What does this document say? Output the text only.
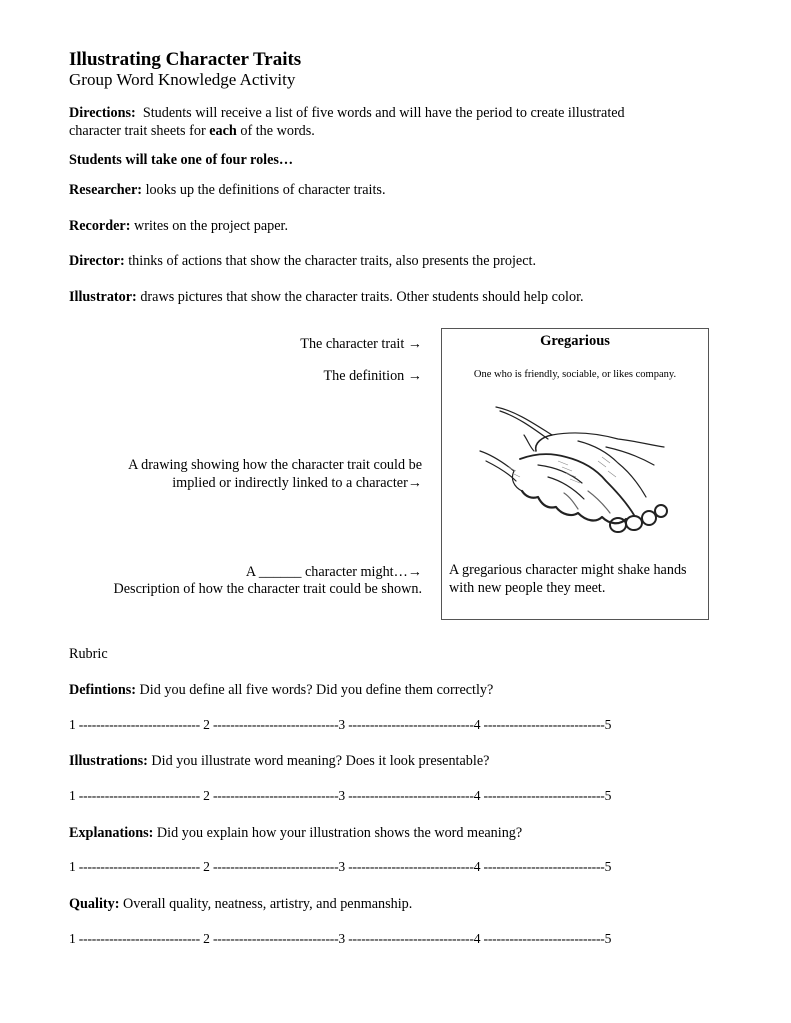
Illustrating Character Traits
Group Word Knowledge Activity
Directions: Students will receive a list of five words and will have the period to create illustrated
character trait sheets for each of the words.
Students will take one of four roles…
Researcher: looks up the definitions of character traits.
Recorder: writes on the project paper.
Director: thinks of actions that show the character traits, also presents the project.
Illustrator: draws pictures that show the character traits. Other students should help color.
The character trait →
The definition →
A drawing showing how the character trait could be
implied or indirectly linked to a character→
A ______ character might…→
Description of how the character trait could be shown.
Gregarious
One who is friendly, sociable, or likes company.
A gregarious character might shake hands with new people they meet.
Rubric
Defintions: Did you define all five words? Did you define them correctly?
1 ---------------------------- 2 -----------------------------3 -----------------------------4 ----------------------------5
Illustrations: Did you illustrate word meaning? Does it look presentable?
1 ---------------------------- 2 -----------------------------3 -----------------------------4 ----------------------------5
Explanations: Did you explain how your illustration shows the word meaning?
1 ---------------------------- 2 -----------------------------3 -----------------------------4 ----------------------------5
Quality: Overall quality, neatness, artistry, and penmanship.
1 ---------------------------- 2 -----------------------------3 -----------------------------4 ----------------------------5
